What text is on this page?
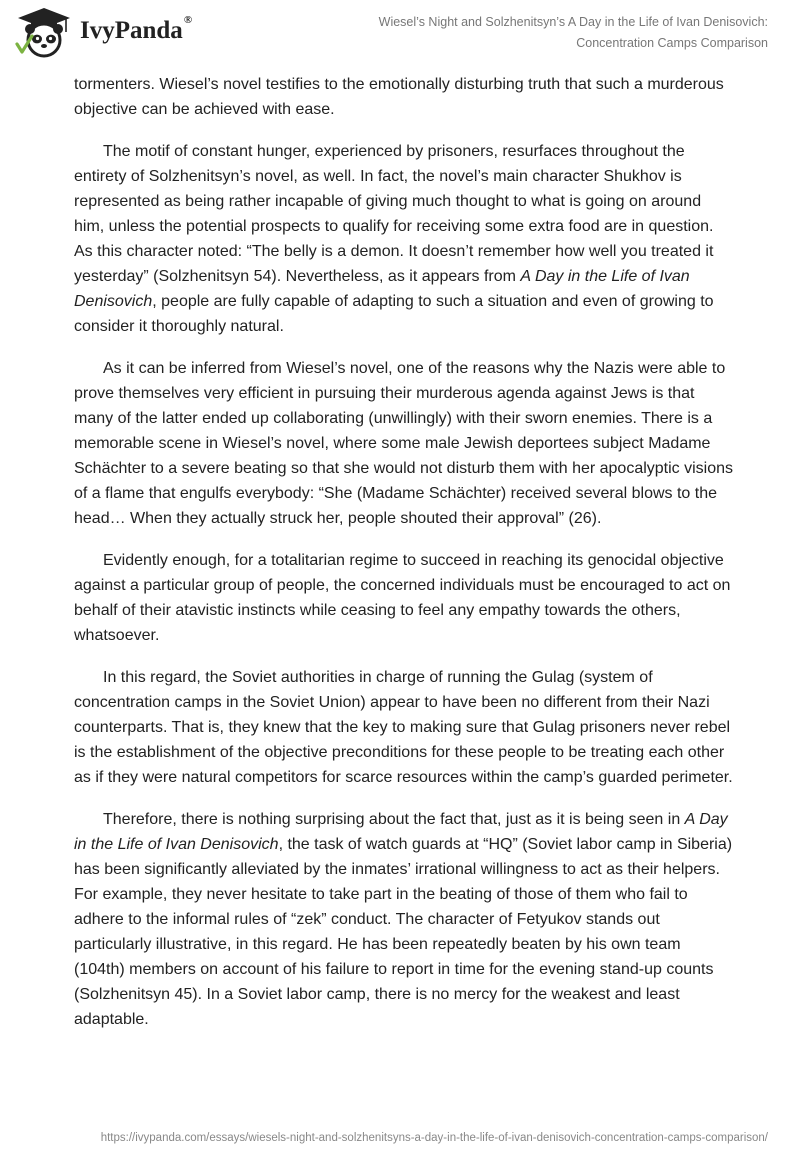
IvyPanda®	Wiesel’s Night and Solzhenitsyn’s A Day in the Life of Ivan Denisovich: Concentration Camps Comparison

tormenters. Wiesel’s novel testifies to the emotionally disturbing truth that such a murderous objective can be achieved with ease.

The motif of constant hunger, experienced by prisoners, resurfaces throughout the entirety of Solzhenitsyn’s novel, as well. In fact, the novel’s main character Shukhov is represented as being rather incapable of giving much thought to what is going on around him, unless the potential prospects to qualify for receiving some extra food are in question. As this character noted: “The belly is a demon. It doesn’t remember how well you treated it yesterday” (Solzhenitsyn 54). Nevertheless, as it appears from A Day in the Life of Ivan Denisovich, people are fully capable of adapting to such a situation and even of growing to consider it thoroughly natural.

As it can be inferred from Wiesel’s novel, one of the reasons why the Nazis were able to prove themselves very efficient in pursuing their murderous agenda against Jews is that many of the latter ended up collaborating (unwillingly) with their sworn enemies. There is a memorable scene in Wiesel’s novel, where some male Jewish deportees subject Madame Schächter to a severe beating so that she would not disturb them with her apocalyptic visions of a flame that engulfs everybody: “She (Madame Schächter) received several blows to the head… When they actually struck her, people shouted their approval” (26).

Evidently enough, for a totalitarian regime to succeed in reaching its genocidal objective against a particular group of people, the concerned individuals must be encouraged to act on behalf of their atavistic instincts while ceasing to feel any empathy towards the others, whatsoever.

In this regard, the Soviet authorities in charge of running the Gulag (system of concentration camps in the Soviet Union) appear to have been no different from their Nazi counterparts. That is, they knew that the key to making sure that Gulag prisoners never rebel is the establishment of the objective preconditions for these people to be treating each other as if they were natural competitors for scarce resources within the camp’s guarded perimeter.

Therefore, there is nothing surprising about the fact that, just as it is being seen in A Day in the Life of Ivan Denisovich, the task of watch guards at “HQ” (Soviet labor camp in Siberia) has been significantly alleviated by the inmates’ irrational willingness to act as their helpers. For example, they never hesitate to take part in the beating of those of them who fail to adhere to the informal rules of “zek” conduct. The character of Fetyukov stands out particularly illustrative, in this regard. He has been repeatedly beaten by his own team (104th) members on account of his failure to report in time for the evening stand-up counts (Solzhenitsyn 45). In a Soviet labor camp, there is no mercy for the weakest and least adaptable.

https://ivypanda.com/essays/wiesels-night-and-solzhenitsyns-a-day-in-the-life-of-ivan-denisovich-concentration-camps-comparison/
